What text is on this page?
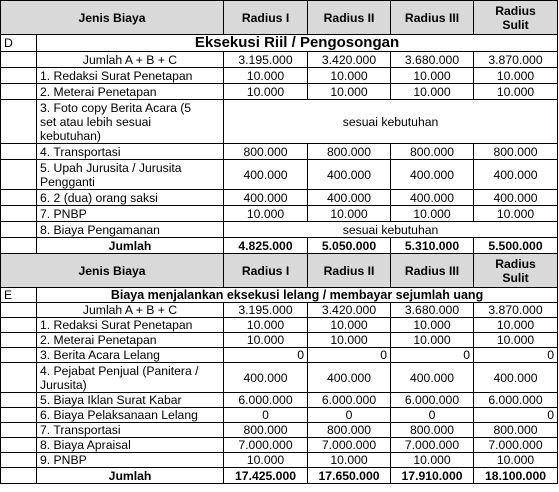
Jenis Biaya		Radius I	Radius II	Radius III	Radius
Sulit
D	Eksekusi Riil / Pengosongan				
	Jumlah A + B + C	3.195.000	3.420.000	3.680.000	3.870.000
	1. Redaksi Surat Penetapan	10.000	10.000	10.000	10.000
	2. Meterai Penetapan	10.000	10.000	10.000	10.000
	3. Foto copy Berita Acara (5
set atau lebih sesuai
kebutuhan)	sesuai kebutuhan			
	4. Transportasi	800.000	800.000	800.000	800.000
	5. Upah Jurusita / Jurusita
Pengganti	400.000	400.000	400.000	400.000
	6. 2 (dua) orang saksi	400.000	400.000	400.000	400.000
	7. PNBP	10.000	10.000	10.000	10.000
	8. Biaya Pengamanan	sesuai kebutuhan			
	Jumlah	4.825.000	5.050.000	5.310.000	5.500.000
Jenis Biaya		Radius I	Radius II	Radius III	Radius
Sulit
E	Biaya menjalankan eksekusi lelang / membayar sejumlah uang				
	Jumlah A + B + C	3.195.000	3.420.000	3.680.000	3.870.000
	1. Redaksi Surat Penetapan	10.000	10.000	10.000	10.000
	2. Meterai Penetapan	10.000	10.000	10.000	10.000
	3. Berita Acara Lelang	0	0	0	0
	4. Pejabat Penjual (Panitera /
Jurusita)	400.000	400.000	400.000	400.000
	5. Biaya Iklan Surat Kabar	6.000.000	6.000.000	6.000.000	6.000.000
	6. Biaya Pelaksanaan Lelang	0	0	0	0
	7. Transportasi	800.000	800.000	800.000	800.000
	8. Biaya Apraisal	7.000.000	7.000.000	7.000.000	7.000.000
	9. PNBP	10.000	10.000	10.000	10.000
	Jumlah	17.425.000	17.650.000	17.910.000	18.100.000
